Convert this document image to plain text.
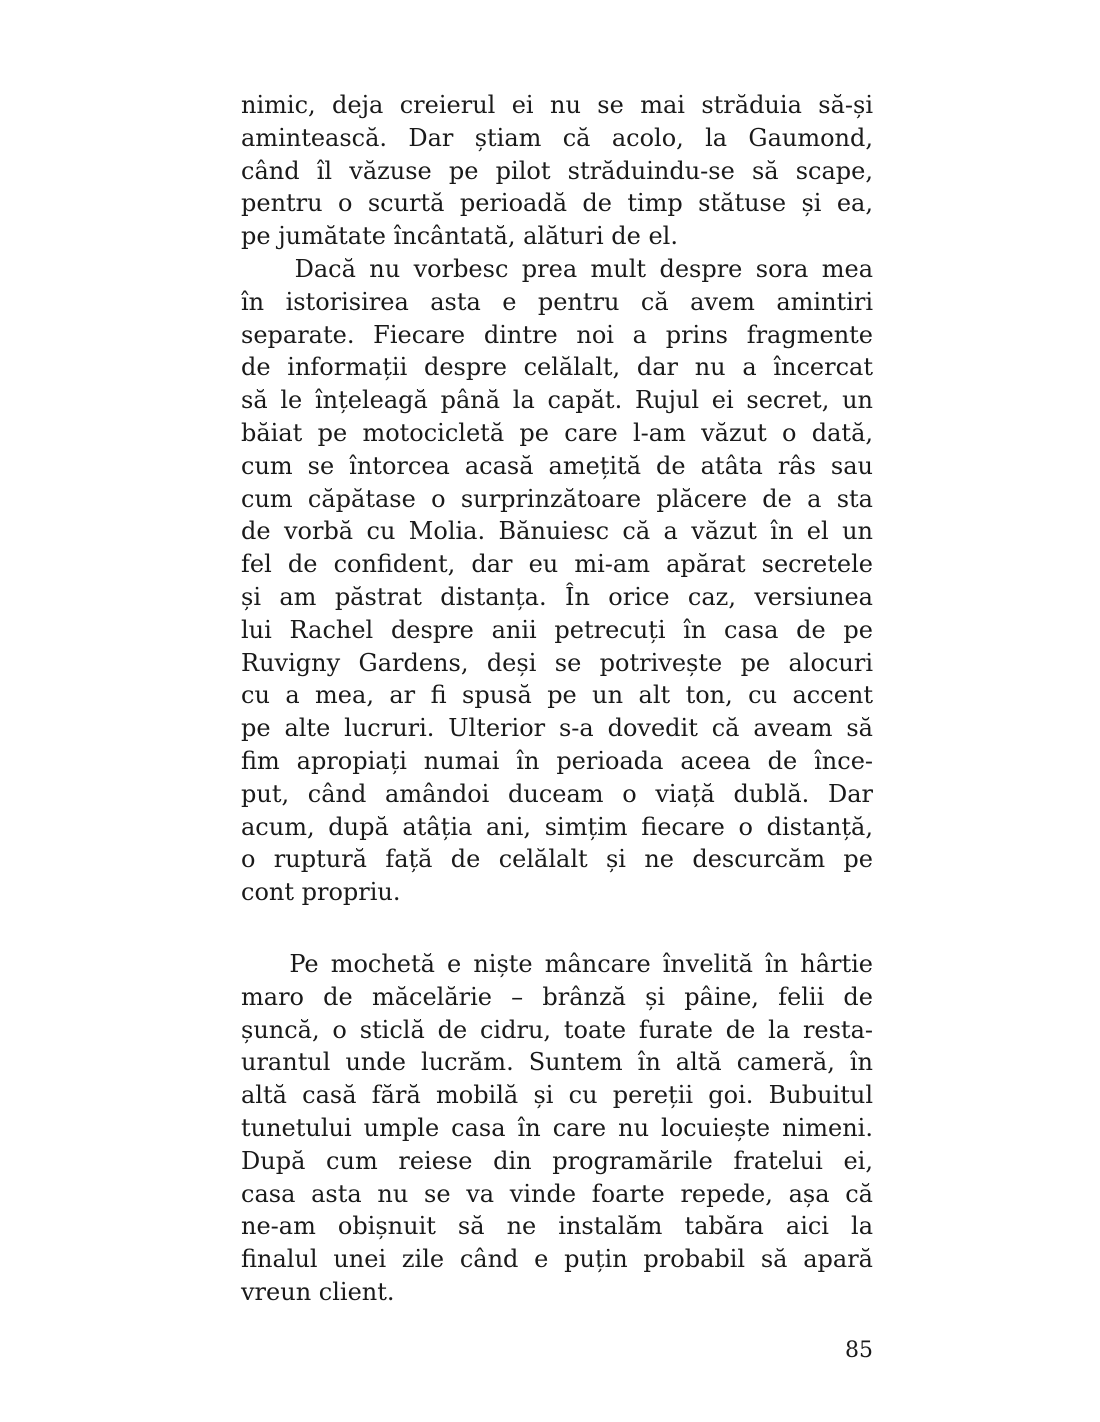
nimic, deja creierul ei nu se mai străduia să-și
amintească. Dar știam că acolo, la Gaumond,
când îl văzuse pe pilot străduindu-se să scape,
pentru o scurtă perioadă de timp stătuse și ea,
pe jumătate încântată, alături de el.
Dacă nu vorbesc prea mult despre sora mea
în istorisirea asta e pentru că avem amintiri
separate. Fiecare dintre noi a prins fragmente
de informații despre celălalt, dar nu a încercat
să le înțeleagă până la capăt. Rujul ei secret, un
băiat pe motocicletă pe care l-am văzut o dată,
cum se întorcea acasă amețită de atâta râs sau
cum căpătase o surprinzătoare plăcere de a sta
de vorbă cu Molia. Bănuiesc că a văzut în el un
fel de confident, dar eu mi-am apărat secretele
și am păstrat distanța. În orice caz, versiunea
lui Rachel despre anii petrecuți în casa de pe
Ruvigny Gardens, deși se potrivește pe alocuri
cu a mea, ar fi spusă pe un alt ton, cu accent
pe alte lucruri. Ulterior s-a dovedit că aveam să
fim apropiați numai în perioada aceea de înce-
put, când amândoi duceam o viață dublă. Dar
acum, după atâția ani, simțim fiecare o distanță,
o ruptură față de celălalt și ne descurcăm pe
cont propriu.
Pe mochetă e niște mâncare învelită în hârtie
maro de măcelărie – brânză și pâine, felii de
șuncă, o sticlă de cidru, toate furate de la resta-
urantul unde lucrăm. Suntem în altă cameră, în
altă casă fără mobilă și cu pereții goi. Bubuitul
tunetului umple casa în care nu locuiește nimeni.
După cum reiese din programările fratelui ei,
casa asta nu se va vinde foarte repede, așa că
ne-am obișnuit să ne instalăm tabăra aici la
finalul unei zile când e puțin probabil să apară
vreun client.
85
